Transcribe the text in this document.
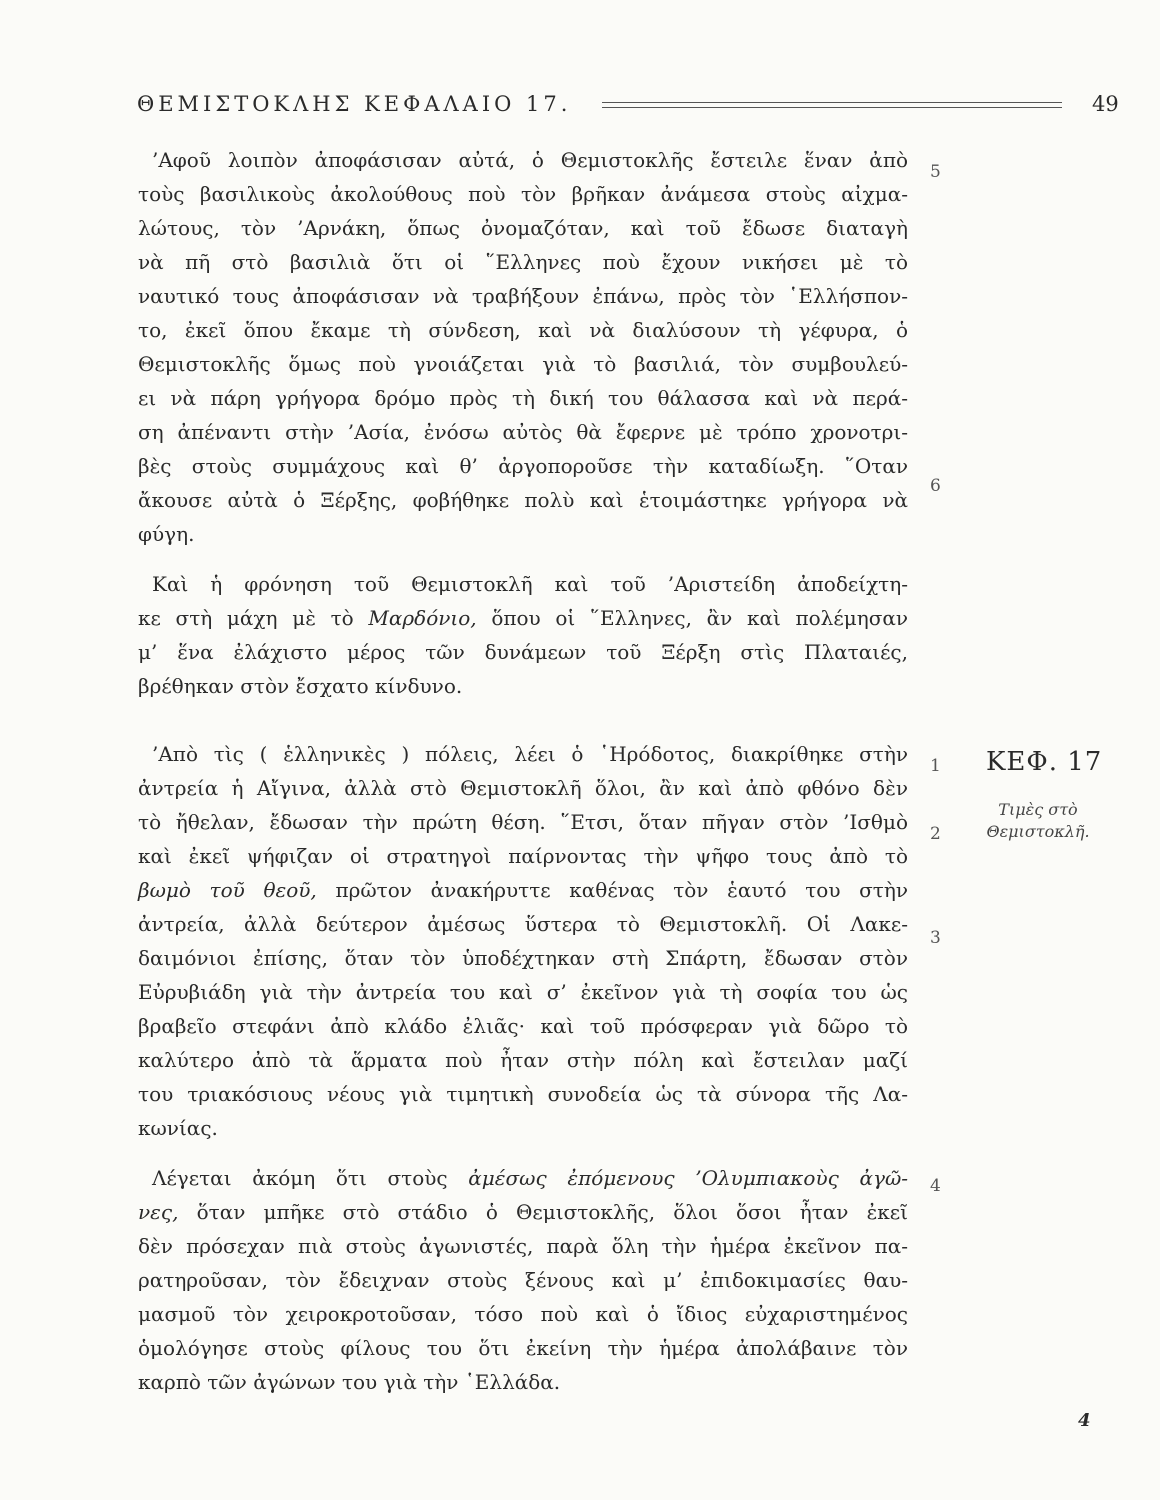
ΘΕΜΙΣΤΟΚΛΗΣ ΚΕΦΑΛΑΙΟ 17.	49
’Αφοῦ λοιπὸν ἀποφάσισαν αὐτά, ὁ Θεμιστοκλῆς ἔστειλε ἕναν ἀπὸ
τοὺς βασιλικοὺς ἀκολούθους ποὺ τὸν βρῆκαν ἀνάμεσα στοὺς αἰχμα-
λώτους, τὸν ’Αρνάκη, ὅπως ὀνομαζόταν, καὶ τοῦ ἔδωσε διαταγὴ
νὰ πῆ στὸ βασιλιὰ ὅτι οἱ ῞Ελληνες ποὺ ἔχουν νικήσει μὲ τὸ
ναυτικό τους ἀποφάσισαν νὰ τραβήξουν ἐπάνω, πρὸς τὸν ῾Ελλήσπον-
το, ἐκεῖ ὅπου ἔκαμε τὴ σύνδεση, καὶ νὰ διαλύσουν τὴ γέφυρα, ὁ
Θεμιστοκλῆς ὅμως ποὺ γνοιάζεται γιὰ τὸ βασιλιά, τὸν συμβουλεύ-
ει νὰ πάρη γρήγορα δρόμο πρὸς τὴ δική του θάλασσα καὶ νὰ περά-
ση ἀπέναντι στὴν ’Ασία, ἐνόσω αὐτὸς θὰ ἔφερνε μὲ τρόπο χρονοτρι-
βὲς στοὺς συμμάχους καὶ θ’ ἀργοποροῦσε τὴν καταδίωξη. ῞Οταν
ἄκουσε αὐτὰ ὁ Ξέρξης, φοβήθηκε πολὺ καὶ ἑτοιμάστηκε γρήγορα νὰ
φύγη.
5
6
Καὶ ἡ φρόνηση τοῦ Θεμιστοκλῆ καὶ τοῦ ’Αριστείδη ἀποδείχτη-
κε στὴ μάχη μὲ τὸ Μαρδόνιο, ὅπου οἱ ῞Ελληνες, ἂν καὶ πολέμησαν
μ’ ἕνα ἐλάχιστο μέρος τῶν δυνάμεων τοῦ Ξέρξη στὶς Πλαταιές,
βρέθηκαν στὸν ἔσχατο κίνδυνο.
ΚΕΦ. 17
Τιμὲς στὸ
Θεμιστοκλῆ.
’Απὸ τὶς ( ἑλληνικὲς ) πόλεις, λέει ὁ ῾Ηρόδοτος, διακρίθηκε στὴν
ἀντρεία ἡ Αἴγινα, ἀλλὰ στὸ Θεμιστοκλῆ ὅλοι, ἂν καὶ ἀπὸ φθόνο δὲν
τὸ ἤθελαν, ἔδωσαν τὴν πρώτη θέση. ῞Ετσι, ὅταν πῆγαν στὸν ’Ισθμὸ
καὶ ἐκεῖ ψήφιζαν οἱ στρατηγοὶ παίρνοντας τὴν ψῆφο τους ἀπὸ τὸ
βωμὸ τοῦ θεοῦ, πρῶτον ἀνακήρυττε καθένας τὸν ἑαυτό του στὴν
ἀντρεία, ἀλλὰ δεύτερον ἀμέσως ὕστερα τὸ Θεμιστοκλῆ. Οἱ Λακε-
δαιμόνιοι ἐπίσης, ὅταν τὸν ὑποδέχτηκαν στὴ Σπάρτη, ἔδωσαν στὸν
Εὐρυβιάδη γιὰ τὴν ἀντρεία του καὶ σ’ ἐκεῖνον γιὰ τὴ σοφία του ὡς
βραβεῖο στεφάνι ἀπὸ κλάδο ἐλιᾶς· καὶ τοῦ πρόσφεραν γιὰ δῶρο τὸ
καλύτερο ἀπὸ τὰ ἅρματα ποὺ ἦταν στὴν πόλη καὶ ἔστειλαν μαζί
του τριακόσιους νέους γιὰ τιμητικὴ συνοδεία ὡς τὰ σύνορα τῆς Λα-
κωνίας.
1
2
3
Λέγεται ἀκόμη ὅτι στοὺς ἀμέσως ἐπόμενους ’Ολυμπιακοὺς ἀγῶ-
νες, ὅταν μπῆκε στὸ στάδιο ὁ Θεμιστοκλῆς, ὅλοι ὅσοι ἦταν ἐκεῖ
δὲν πρόσεχαν πιὰ στοὺς ἀγωνιστές, παρὰ ὅλη τὴν ἡμέρα ἐκεῖνον πα-
ρατηροῦσαν, τὸν ἔδειχναν στοὺς ξένους καὶ μ’ ἐπιδοκιμασίες θαυ-
μασμοῦ τὸν χειροκροτοῦσαν, τόσο ποὺ καὶ ὁ ἴδιος εὐχαριστημένος
ὁμολόγησε στοὺς φίλους του ὅτι ἐκείνη τὴν ἡμέρα ἀπολάβαινε τὸν
καρπὸ τῶν ἀγώνων του γιὰ τὴν ῾Ελλάδα.
4
4
